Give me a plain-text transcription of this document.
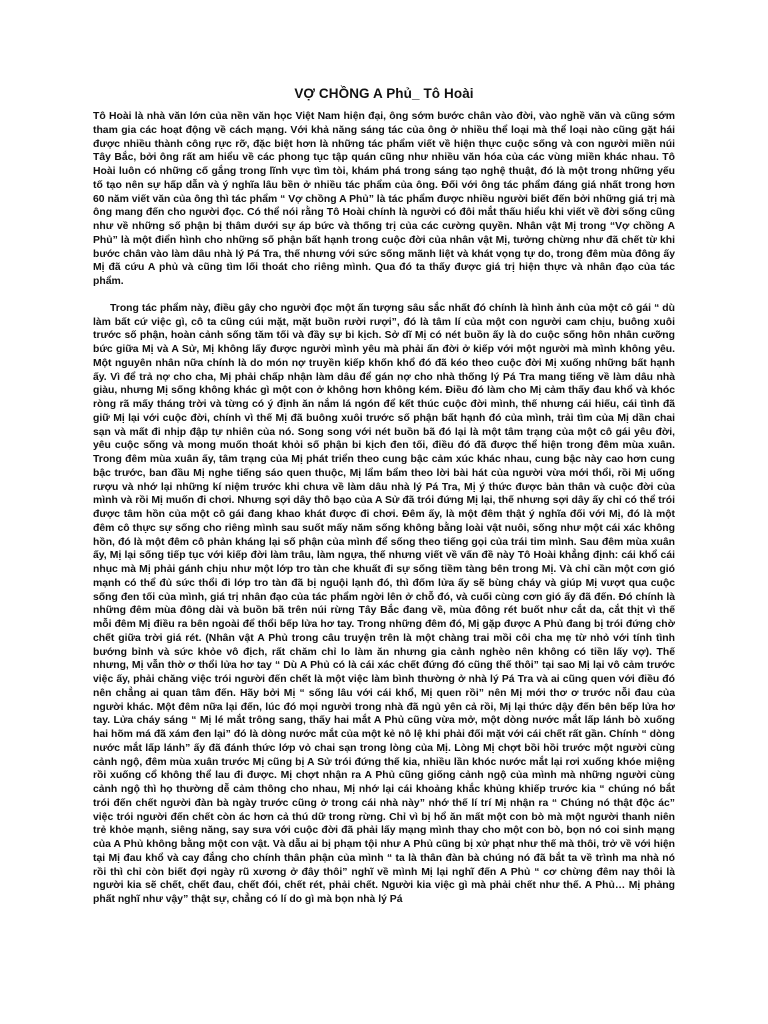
VỢ CHỒNG A Phủ_ Tô Hoài

Tô Hoài là nhà văn lớn của nền văn học Việt Nam hiện đại, ông sớm bước chân vào đời, vào nghề văn và cũng sớm tham gia các hoạt động về cách mạng. Với khả năng sáng tác của ông ở nhiều thể loại mà thể loại nào cũng gặt hái được nhiều thành công rực rỡ, đặc biệt hơn là những tác phẩm viết về hiện thực cuộc sống và con người miền núi Tây Bắc, bởi ông rất am hiểu về các phong tục tập quán cũng như nhiều văn hóa của các vùng miền khác nhau. Tô Hoài luôn có những cố gắng trong lĩnh vực tìm tòi, khám phá trong sáng tạo nghệ thuật, đó là một trong những yếu tố tạo nên sự hấp dẫn và ý nghĩa lâu bền ở nhiều tác phẩm của ông. Đối với ông tác phẩm đáng giá nhất trong hơn 60 năm viết văn của ông thì tác phẩm “ Vợ chồng A Phủ” là tác phẩm được nhiều người biết đến bởi những giá trị mà ông mang đến cho người đọc. Có thể nói rằng Tô Hoài chính là người có đôi mắt thấu hiểu khi viết về đời sống cũng như về những số phận bị thâm dưới sự áp bức và thống trị của các cường quyền. Nhân vật Mị trong “Vợ chồng A Phủ” là một điển hình cho những số phận bất hạnh trong cuộc đời của nhân vật Mị, tưởng chừng như đã chết từ khi bước chân vào làm dâu nhà lý Pá Tra, thế nhưng với sức sống mãnh liệt và khát vọng tự do, trong đêm mùa đông ấy Mị đã cứu A phủ và cũng tìm lối thoát cho riêng mình. Qua đó ta thấy được giá trị hiện thực và nhân đạo của tác phẩm.

Trong tác phẩm này, điều gây cho người đọc một ấn tượng sâu sắc nhất đó chính là hình ảnh của một cô gái “ dù làm bất cứ việc gì, cô ta cũng cúi mặt, mặt buồn rười rượi”, đó là tâm lí của một con người cam chịu, buông xuôi trước số phận, hoàn cảnh sống tăm tối và đầy sự bi kịch. Sở dĩ Mị có nét buồn ấy là do cuộc sống hôn nhân cưỡng bức giữa Mị và A Sử, Mị không lấy được người mình yêu mà phải ấn đời ở kiếp với một người mà mình không yêu. Một nguyên nhân nữa chính là do món nợ truyền kiếp khốn khổ đó đã kéo theo cuộc đời Mị xuống những bất hạnh ấy. Vì để trả nợ cho cha, Mị phải chấp nhận làm dâu để gán nợ cho nhà thống lý Pá Tra mang tiếng về làm dâu nhà giàu, nhưng Mị sống không khác gì một con ở không hơn không kém. Điều đó làm cho Mị cảm thấy đau khổ và khóc ròng rã mấy tháng trời và từng có ý định ăn nắm lá ngón để kết thúc cuộc đời mình, thế nhưng cái hiếu, cái tình đã giữ Mị lại với cuộc đời, chính vì thế Mị đã buông xuôi trước số phận bất hạnh đó của mình, trải tìm của Mị dần chai sạn và mất đi nhịp đập tự nhiên của nó. Song song với nét buồn bã đó lại là một tâm trạng của một cô gái yêu đời, yêu cuộc sống và mong muốn thoát khỏi số phận bi kịch đen tối, điều đó đã được thể hiện trong đêm mùa xuân. Trong đêm mùa xuân ấy, tâm trạng của Mị phát triển theo cung bậc cảm xúc khác nhau, cung bậc này cao hơn cung bậc trước, ban đầu Mị nghe tiếng sáo quen thuộc, Mị lẩm bẩm theo lời bài hát của người vừa mới thổi, rồi Mị uống rượu và nhớ lại những kí niệm trước khi chưa về làm dâu nhà lý Pá Tra, Mị ý thức được bản thân và cuộc đời của mình và rồi Mị muốn đi chơi. Nhưng sợi dây thô bạo của A Sử đã trói đứng Mị lại, thế nhưng sợi dây ấy chỉ có thể trói được tâm hồn của một cô gái đang khao khát được đi chơi. Đêm ấy, là một đêm thật ý nghĩa đối với Mị, đó là một đêm cô thực sự sống cho riêng mình sau suốt mấy năm sống không bằng loài vật nuôi, sống như một cái xác không hồn, đó là một đêm cô phản kháng lại số phận của mình để sống theo tiếng gọi của trái tim mình. Sau đêm mùa xuân ấy, Mị lại sống tiếp tục với kiếp đời làm trâu, làm ngựa, thế nhưng viết về vấn đề này Tô Hoài khẳng định: cái khổ cái nhục mà Mị phải gánh chịu như một lớp tro tàn che khuất đi sự sống tiềm tàng bên trong Mị. Và chỉ cần một cơn gió mạnh có thể đủ sức thổi đi lớp tro tàn đã bị nguội lạnh đó, thì đốm lửa ấy sẽ bùng cháy và giúp Mị vượt qua cuộc sống đen tối của mình, giá trị nhân đạo của tác phẩm ngời lên ở chỗ đó, và cuối cùng cơn gió ấy đã đến. Đó chính là những đêm mùa đông dài và buồn bã trên núi rừng Tây Bắc đang về, mùa đông rét buốt như cắt da, cắt thịt vì thế mỗi đêm Mị điều ra bên ngoài để thổi bếp lửa hơ tay. Trong những đêm đó, Mị gặp được A Phủ đang bị trói đứng chờ chết giữa trời giá rét. (Nhân vật A Phủ trong câu truyện trên là một chàng trai mồi côi cha mẹ từ nhỏ với tính tình bướng bỉnh và sức khỏe vô địch, rất chăm chỉ lo làm ăn nhưng gia cảnh nghèo nên không có tiền lấy vợ). Thế nhưng, Mị vẫn thờ ơ thổi lửa hơ tay “ Dù A Phủ có là cái xác chết đứng đó cũng thế thôi” tại sao Mị lại vô cảm trước việc ấy, phải chăng việc trói người đến chết là một việc làm bình thường ở nhà lý Pá Tra và ai cũng quen với điều đó nên chẳng ai quan tâm đến. Hãy bởi Mị “ sống lâu với cái khổ, Mị quen rồi” nên Mị mới thơ ơ trước nỗi đau của người khác. Một đêm nữa lại đến, lúc đó mọi người trong nhà đã ngủ yên cả rồi, Mị lại thức dậy đến bên bếp lửa hơ tay. Lửa cháy sáng “ Mị lé mắt trông sang, thấy hai mắt A Phủ cũng vừa mở, một dòng nước mắt lấp lánh bò xuống hai hõm má đã xám đen lại” đó là dòng nước mắt của một kẻ nô lệ khi phải đối mặt với cái chết rất gần. Chính “ dòng nước mắt lấp lánh” ấy đã đánh thức lớp vỏ chai sạn trong lòng của Mị. Lòng Mị chợt bồi hồi trước một người cùng cảnh ngộ, đêm mùa xuân trước Mị cũng bị A Sử trói đứng thế kia, nhiều lần khóc nước mắt lại rơi xuống khóe miệng rồi xuống cổ không thể lau đi được. Mị chợt nhận ra A Phủ cũng giống cảnh ngộ của mình mà những người cùng cảnh ngộ thì họ thường dễ cảm thông cho nhau, Mị nhớ lại cái khoảng khắc khủng khiếp trước kia “ chúng nó bắt trói đến chết người đàn bà ngày trước cũng ở trong cái nhà này” nhớ thế lí trí Mị nhận ra “ Chúng nó thật độc ác” việc trói người đến chết còn ác hơn cả thú dữ trong rừng. Chỉ vì bị hổ ăn mất một con bò mà một người thanh niên trẻ khỏe mạnh, siêng năng, say sưa với cuộc đời đã phải lấy mạng mình thay cho một con bò, bọn nó coi sinh mạng của A Phủ không bằng một con vật. Và dẫu ai bị phạm tội như A Phủ cũng bị xử phạt như thế mà thôi, trở về với hiện tại Mị đau khổ và cay đắng cho chính thân phận của mình “ ta là thân đàn bà chúng nó đã bắt ta về trình ma nhà nó rồi thì chỉ còn biết đợi ngày rũ xương ở đây thôi” nghĩ về mình Mị lại nghĩ đến A Phủ “ cơ chừng đêm nay thôi là người kia sẽ chết, chết đau, chết đói, chết rét, phải chết. Người kia việc gì mà phải chết như thế. A Phủ… Mị phảng phất nghĩ như vậy” thật sự, chẳng có lí do gì mà bọn nhà lý Pá
